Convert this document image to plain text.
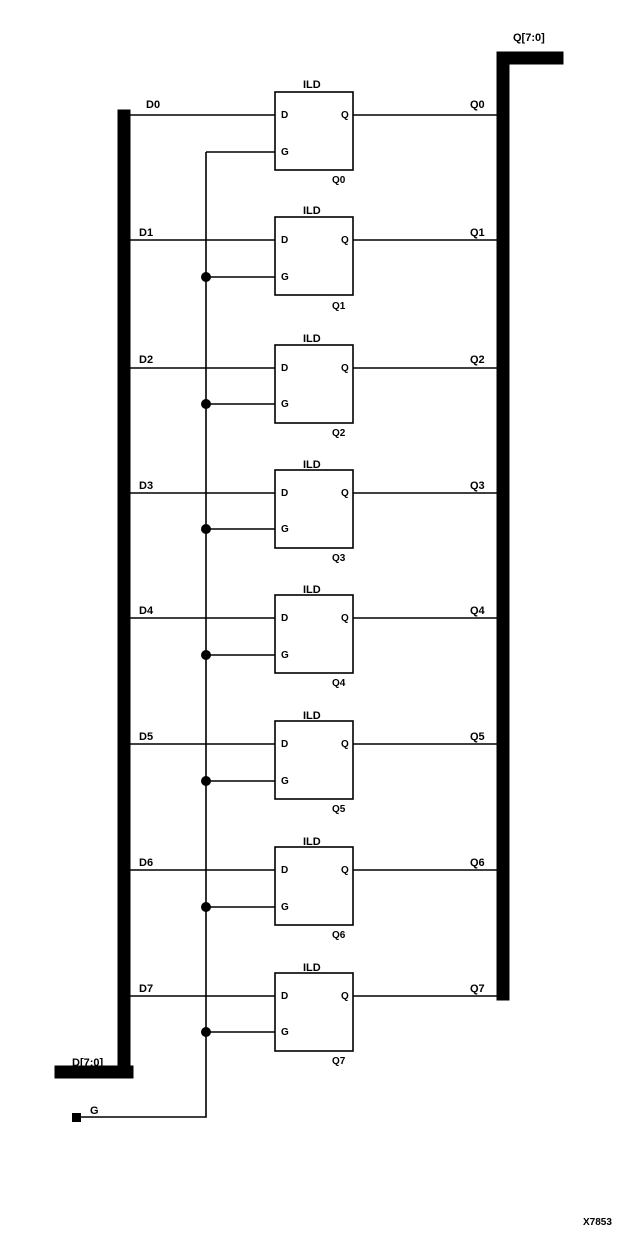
Q[7:0]
D[7:0]
G
ILD
D0	Q0
D
G
Q
Q0
ILD
D1	Q1
D
G
Q
Q1
ILD
D2	Q2
D
G
Q
Q2
ILD
D3	Q3
D
G
Q
Q3
ILD
D4	Q4
D
G
Q
Q4
ILD
D5	Q5
D
G
Q
Q5
ILD
D6	Q6
D
G
Q
Q6
ILD
D7	Q7
D
G
Q
Q7
X7853
